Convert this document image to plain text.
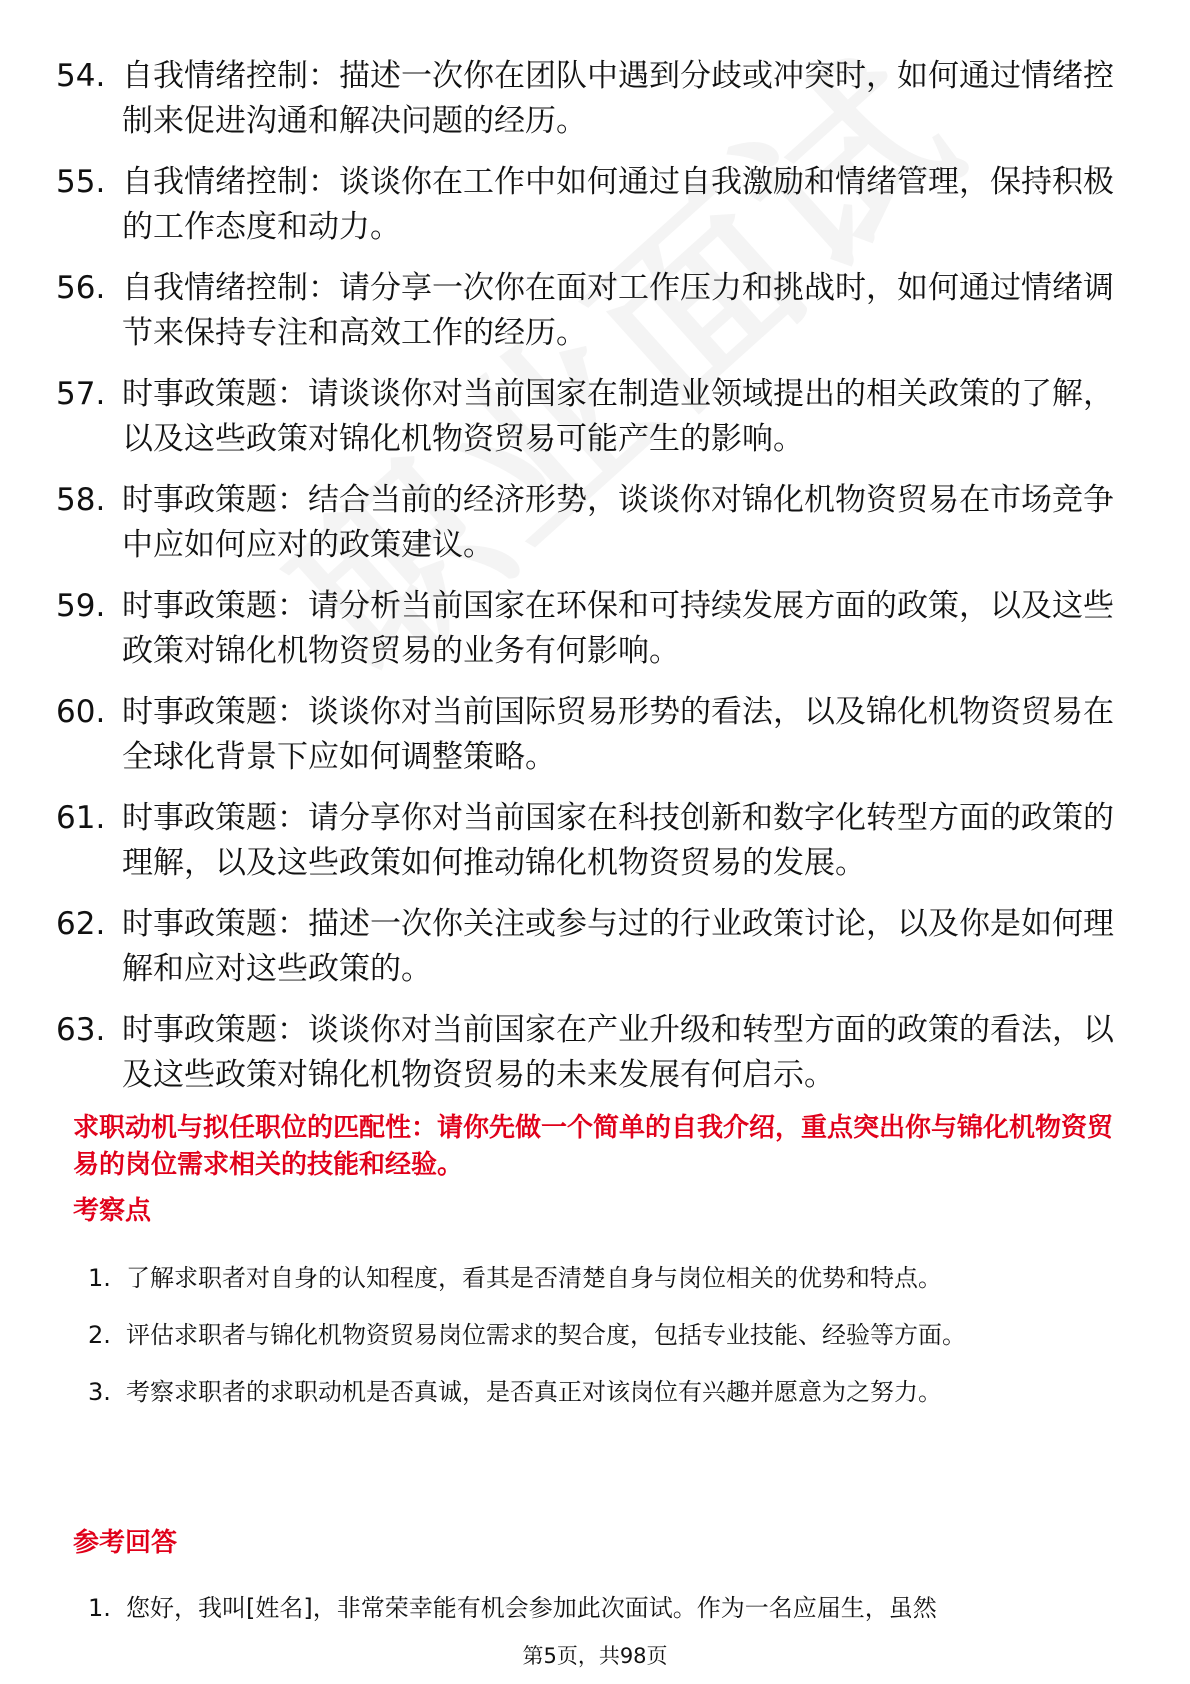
54. 自我情绪控制：描述一次你在团队中遇到分歧或冲突时，如何通过情绪控制来促进沟通和解决问题的经历。
55. 自我情绪控制：谈谈你在工作中如何通过自我激励和情绪管理，保持积极的工作态度和动力。
56. 自我情绪控制：请分享一次你在面对工作压力和挑战时，如何通过情绪调节来保持专注和高效工作的经历。
57. 时事政策题：请谈谈你对当前国家在制造业领域提出的相关政策的了解，以及这些政策对锦化机物资贸易可能产生的影响。
58. 时事政策题：结合当前的经济形势，谈谈你对锦化机物资贸易在市场竞争中应如何应对的政策建议。
59. 时事政策题：请分析当前国家在环保和可持续发展方面的政策，以及这些政策对锦化机物资贸易的业务有何影响。
60. 时事政策题：谈谈你对当前国际贸易形势的看法，以及锦化机物资贸易在全球化背景下应如何调整策略。
61. 时事政策题：请分享你对当前国家在科技创新和数字化转型方面的政策的理解，以及这些政策如何推动锦化机物资贸易的发展。
62. 时事政策题：描述一次你关注或参与过的行业政策讨论，以及你是如何理解和应对这些政策的。
63. 时事政策题：谈谈你对当前国家在产业升级和转型方面的政策的看法，以及这些政策对锦化机物资贸易的未来发展有何启示。
求职动机与拟任职位的匹配性：请你先做一个简单的自我介绍，重点突出你与锦化机物资贸易的岗位需求相关的技能和经验。
考察点
1. 了解求职者对自身的认知程度，看其是否清楚自身与岗位相关的优势和特点。
2. 评估求职者与锦化机物资贸易岗位需求的契合度，包括专业技能、经验等方面。
3. 考察求职者的求职动机是否真诚，是否真正对该岗位有兴趣并愿意为之努力。
参考回答
1. 您好，我叫[姓名]，非常荣幸能有机会参加此次面试。作为一名应届生，虽然
第5页，共98页
